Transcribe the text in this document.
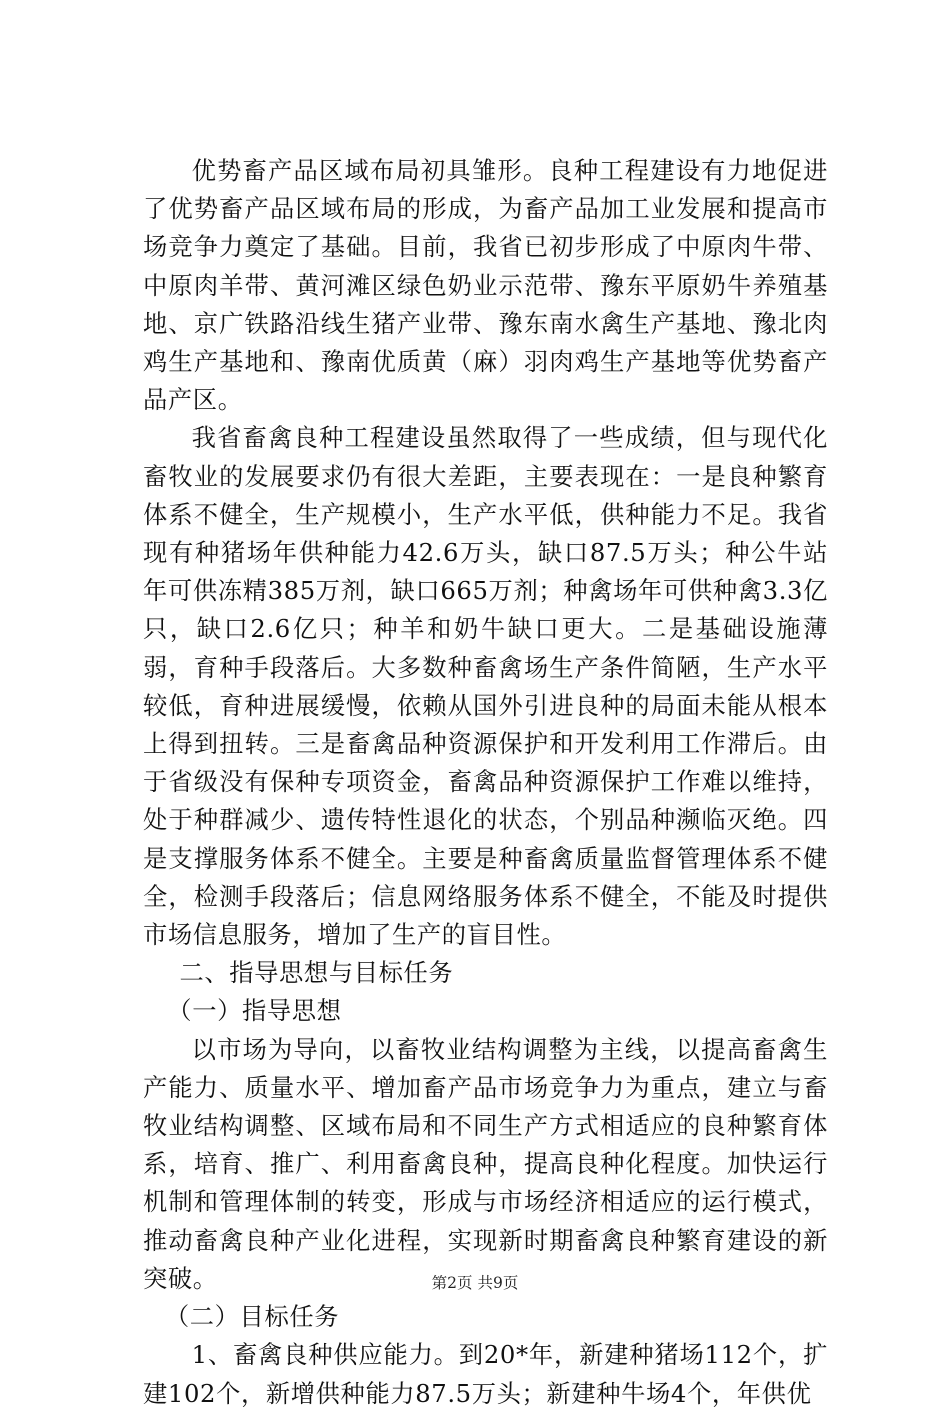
优势畜产品区域布局初具雏形。良种工程建设有力地促进了优势畜产品区域布局的形成，为畜产品加工业发展和提高市场竞争力奠定了基础。目前，我省已初步形成了中原肉牛带、中原肉羊带、黄河滩区绿色奶业示范带、豫东平原奶牛养殖基地、京广铁路沿线生猪产业带、豫东南水禽生产基地、豫北肉鸡生产基地和、豫南优质黄（麻）羽肉鸡生产基地等优势畜产品产区。

我省畜禽良种工程建设虽然取得了一些成绩，但与现代化畜牧业的发展要求仍有很大差距，主要表现在：一是良种繁育体系不健全，生产规模小，生产水平低，供种能力不足。我省现有种猪场年供种能力42.6万头，缺口87.5万头；种公牛站年可供冻精385万剂，缺口665万剂；种禽场年可供种禽3.3亿只，缺口2.6亿只；种羊和奶牛缺口更大。二是基础设施薄弱，育种手段落后。大多数种畜禽场生产条件简陋，生产水平较低，育种进展缓慢，依赖从国外引进良种的局面未能从根本上得到扭转。三是畜禽品种资源保护和开发利用工作滞后。由于省级没有保种专项资金，畜禽品种资源保护工作难以维持，处于种群减少、遗传特性退化的状态，个别品种濒临灭绝。四是支撑服务体系不健全。主要是种畜禽质量监督管理体系不健全，检测手段落后；信息网络服务体系不健全，不能及时提供市场信息服务，增加了生产的盲目性。

二、指导思想与目标任务

（一）指导思想

以市场为导向，以畜牧业结构调整为主线，以提高畜禽生产能力、质量水平、增加畜产品市场竞争力为重点，建立与畜牧业结构调整、区域布局和不同生产方式相适应的良种繁育体系，培育、推广、利用畜禽良种，提高良种化程度。加快运行机制和管理体制的转变，形成与市场经济相适应的运行模式，推动畜禽良种产业化进程，实现新时期畜禽良种繁育建设的新突破。

（二）目标任务

1、畜禽良种供应能力。到20*年，新建种猪场112个，扩建102个，新增供种能力87.5万头；新建种牛场4个，年供优

第2页 共9页
